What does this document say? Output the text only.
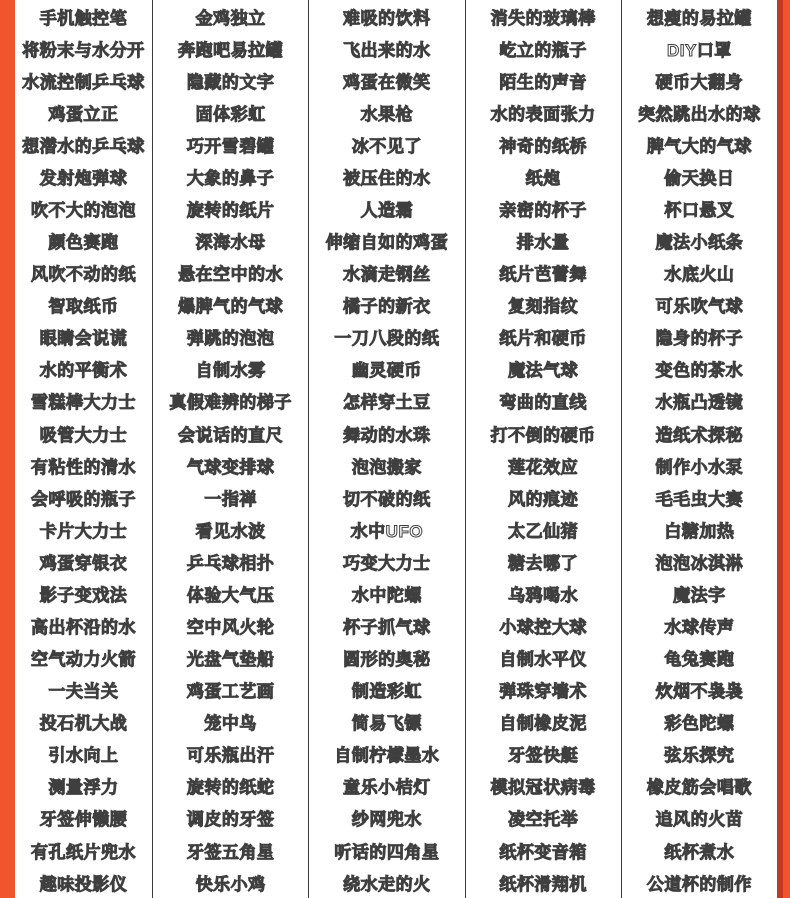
手机触控笔
将粉末与水分开
水流控制乒乓球
鸡蛋立正
想潜水的乒乓球
发射炮弹球
吹不大的泡泡
颜色赛跑
风吹不动的纸
智取纸币
眼睛会说谎
水的平衡术
雪糕棒大力士
吸管大力士
有粘性的清水
会呼吸的瓶子
卡片大力士
鸡蛋穿银衣
影子变戏法
高出杯沿的水
空气动力火箭
一夫当关
投石机大战
引水向上
测量浮力
牙签伸懒腰
有孔纸片兜水
趣味投影仪
金鸡独立
奔跑吧易拉罐
隐藏的文字
固体彩虹
巧开雪碧罐
大象的鼻子
旋转的纸片
深海水母
悬在空中的水
爆脾气的气球
弹跳的泡泡
自制水雾
真假难辨的梯子
会说话的直尺
气球变排球
一指禅
看见水波
乒乓球相扑
体验大气压
空中风火轮
光盘气垫船
鸡蛋工艺画
笼中鸟
可乐瓶出汗
旋转的纸蛇
调皮的牙签
牙签五角星
快乐小鸡
难吸的饮料
飞出来的水
鸡蛋在微笑
水果枪
冰不见了
被压住的水
人造霜
伸缩自如的鸡蛋
水滴走钢丝
橘子的新衣
一刀八段的纸
幽灵硬币
怎样穿土豆
舞动的水珠
泡泡搬家
切不破的纸
水中UFO
巧变大力士
水中陀螺
杯子抓气球
圆形的奥秘
制造彩虹
简易飞镖
自制柠檬墨水
童乐小桔灯
纱网兜水
听话的四角星
绕水走的火
消失的玻璃棒
屹立的瓶子
陌生的声音
水的表面张力
神奇的纸桥
纸炮
亲密的杯子
排水量
纸片芭蕾舞
复刻指纹
纸片和硬币
魔法气球
弯曲的直线
打不倒的硬币
莲花效应
风的痕迹
太乙仙猪
糖去哪了
乌鸦喝水
小球控大球
自制水平仪
弹珠穿墙术
自制橡皮泥
牙签快艇
模拟冠状病毒
凌空托举
纸杯变音箱
纸杯滑翔机
想瘦的易拉罐
DIY口罩
硬币大翻身
突然跳出水的球
脾气大的气球
偷天换日
杯口悬叉
魔法小纸条
水底火山
可乐吹气球
隐身的杯子
变色的茶水
水瓶凸透镜
造纸术探秘
制作小水泵
毛毛虫大赛
白糖加热
泡泡冰淇淋
魔法字
水球传声
龟兔赛跑
炊烟不袅袅
彩色陀螺
弦乐探究
橡皮筋会唱歌
追风的火苗
纸杯煮水
公道杯的制作
